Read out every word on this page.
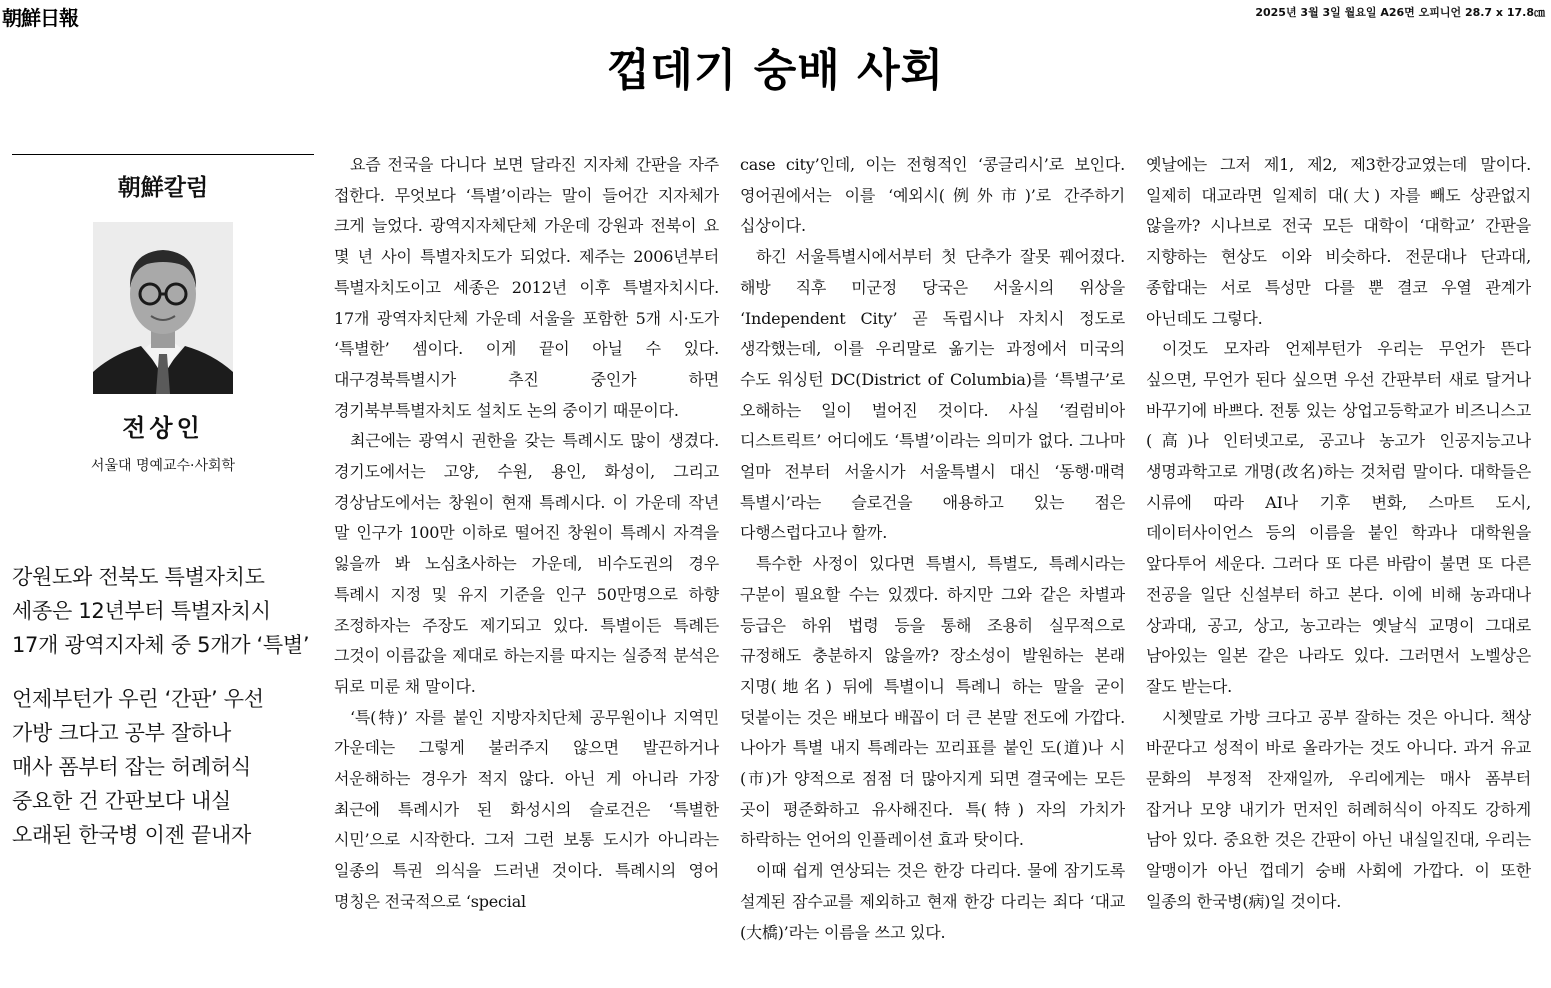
朝鮮日報	2025년 3월 3일 월요일 A26면 오피니언 28.7 x 17.8㎝
껍데기 숭배 사회
朝鮮칼럼
전상인
서울대 명예교수·사회학
강원도와 전북도 특별자치도
세종은 12년부터 특별자치시
17개 광역지자체 중 5개가 ‘특별’
언제부턴가 우린 ‘간판’ 우선
가방 크다고 공부 잘하나
매사 폼부터 잡는 허례허식
중요한 건 간판보다 내실
오래된 한국병 이젠 끝내자

요즘 전국을 다니다 보면 달라진 지자체 간판을 자주 접한다. 무엇보다 ‘특별’이라는 말이 들어간 지자체가 크게 늘었다. 광역지자체단체 가운데 강원과 전북이 요 몇 년 사이 특별자치도가 되었다. 제주는 2006년부터 특별자치도이고 세종은 2012년 이후 특별자치시다. 17개 광역자치단체 가운데 서울을 포함한 5개 시·도가 ‘특별한’ 셈이다. 이게 끝이 아닐 수 있다. 대구경북특별시가 추진 중인가 하면 경기북부특별자치도 설치도 논의 중이기 때문이다.

최근에는 광역시 권한을 갖는 특례시도 많이 생겼다. 경기도에서는 고양, 수원, 용인, 화성이, 그리고 경상남도에서는 창원이 현재 특례시다. 이 가운데 작년 말 인구가 100만 이하로 떨어진 창원이 특례시 자격을 잃을까 봐 노심초사하는 가운데, 비수도권의 경우 특례시 지정 및 유지 기준을 인구 50만명으로 하향 조정하자는 주장도 제기되고 있다. 특별이든 특례든 그것이 이름값을 제대로 하는지를 따지는 실증적 분석은 뒤로 미룬 채 말이다.

‘특(特)’ 자를 붙인 지방자치단체 공무원이나 지역민 가운데는 그렇게 불러주지 않으면 발끈하거나 서운해하는 경우가 적지 않다. 아닌 게 아니라 가장 최근에 특례시가 된 화성시의 슬로건은 ‘특별한 시민’으로 시작한다. 그저 그런 보통 도시가 아니라는 일종의 특권 의식을 드러낸 것이다. 특례시의 영어 명칭은 전국적으로 ‘special

case city’인데, 이는 전형적인 ‘콩글리시’로 보인다. 영어권에서는 이를 ‘예외시(例外市)’로 간주하기 십상이다.

하긴 서울특별시에서부터 첫 단추가 잘못 꿰어졌다. 해방 직후 미군정 당국은 서울시의 위상을 ‘Independent City’ 곧 독립시나 자치시 정도로 생각했는데, 이를 우리말로 옮기는 과정에서 미국의 수도 워싱턴 DC(District of Columbia)를 ‘특별구’로 오해하는 일이 벌어진 것이다. 사실 ‘컬럼비아 디스트릭트’ 어디에도 ‘특별’이라는 의미가 없다. 그나마 얼마 전부터 서울시가 서울특별시 대신 ‘동행·매력 특별시’라는 슬로건을 애용하고 있는 점은 다행스럽다고나 할까.

특수한 사정이 있다면 특별시, 특별도, 특례시라는 구분이 필요할 수는 있겠다. 하지만 그와 같은 차별과 등급은 하위 법령 등을 통해 조용히 실무적으로 규정해도 충분하지 않을까? 장소성이 발원하는 본래 지명(地名) 뒤에 특별이니 특례니 하는 말을 굳이 덧붙이는 것은 배보다 배꼽이 더 큰 본말 전도에 가깝다. 나아가 특별 내지 특례라는 꼬리표를 붙인 도(道)나 시(市)가 양적으로 점점 더 많아지게 되면 결국에는 모든 곳이 평준화하고 유사해진다. 특(特) 자의 가치가 하락하는 언어의 인플레이션 효과 탓이다.

이때 쉽게 연상되는 것은 한강 다리다. 물에 잠기도록 설계된 잠수교를 제외하고 현재 한강 다리는 죄다 ‘대교(大橋)’라는 이름을 쓰고 있다.

옛날에는 그저 제1, 제2, 제3한강교였는데 말이다. 일제히 대교라면 일제히 대(大) 자를 빼도 상관없지 않을까? 시나브로 전국 모든 대학이 ‘대학교’ 간판을 지향하는 현상도 이와 비슷하다. 전문대나 단과대, 종합대는 서로 특성만 다를 뿐 결코 우열 관계가 아닌데도 그렇다.

이것도 모자라 언제부턴가 우리는 무언가 뜬다 싶으면, 무언가 된다 싶으면 우선 간판부터 새로 달거나 바꾸기에 바쁘다. 전통 있는 상업고등학교가 비즈니스고(高)나 인터넷고로, 공고나 농고가 인공지능고나 생명과학고로 개명(改名)하는 것처럼 말이다. 대학들은 시류에 따라 AI나 기후 변화, 스마트 도시, 데이터사이언스 등의 이름을 붙인 학과나 대학원을 앞다투어 세운다. 그러다 또 다른 바람이 불면 또 다른 전공을 일단 신설부터 하고 본다. 이에 비해 농과대나 상과대, 공고, 상고, 농고라는 옛날식 교명이 그대로 남아있는 일본 같은 나라도 있다. 그러면서 노벨상은 잘도 받는다.

시쳇말로 가방 크다고 공부 잘하는 것은 아니다. 책상 바꾼다고 성적이 바로 올라가는 것도 아니다. 과거 유교 문화의 부정적 잔재일까, 우리에게는 매사 폼부터 잡거나 모양 내기가 먼저인 허례허식이 아직도 강하게 남아 있다. 중요한 것은 간판이 아닌 내실일진대, 우리는 알맹이가 아닌 껍데기 숭배 사회에 가깝다. 이 또한 일종의 한국병(病)일 것이다.
